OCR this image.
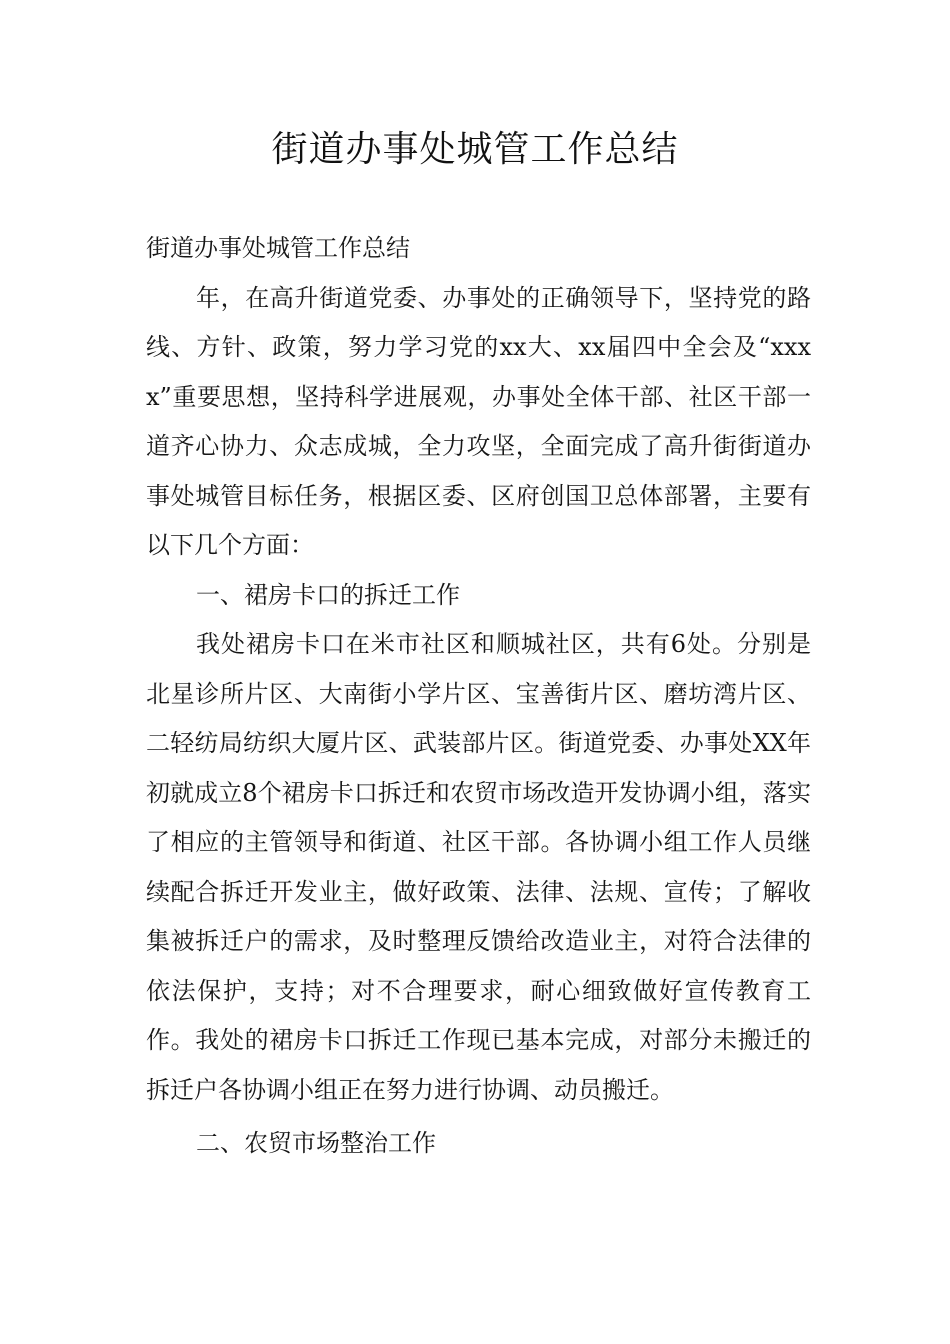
街道办事处城管工作总结

街道办事处城管工作总结

年，在高升街道党委、办事处的正确领导下，坚持党的路线、方针、政策，努力学习党的xx大、xx届四中全会及“xxxx”重要思想，坚持科学进展观，办事处全体干部、社区干部一道齐心协力、众志成城，全力攻坚，全面完成了高升街街道办事处城管目标任务，根据区委、区府创国卫总体部署，主要有以下几个方面：

一、裙房卡口的拆迁工作

我处裙房卡口在米市社区和顺城社区，共有6处。分别是北星诊所片区、大南街小学片区、宝善街片区、磨坊湾片区、二轻纺局纺织大厦片区、武装部片区。街道党委、办事处XX年初就成立8个裙房卡口拆迁和农贸市场改造开发协调小组，落实了相应的主管领导和街道、社区干部。各协调小组工作人员继续配合拆迁开发业主，做好政策、法律、法规、宣传；了解收集被拆迁户的需求，及时整理反馈给改造业主，对符合法律的依法保护，支持；对不合理要求，耐心细致做好宣传教育工作。我处的裙房卡口拆迁工作现已基本完成，对部分未搬迁的拆迁户各协调小组正在努力进行协调、动员搬迁。

二、农贸市场整治工作
